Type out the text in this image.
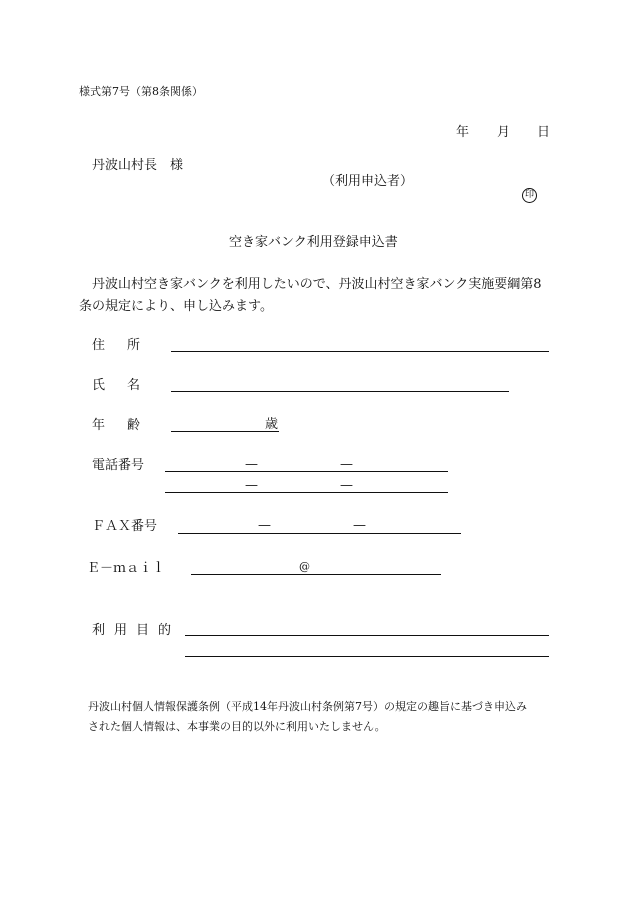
様式第7号（第8条関係）
年 月 日
丹波山村長　様
（利用申込者）
印
空き家バンク利用登録申込書
丹波山村空き家バンクを利用したいので、丹波山村空き家バンク実施要綱第8
条の規定により、申し込みます。
住所
氏名
年齢	歳
電話番号	—	—
—	—
ＦＡＸ番号	—	—
Ｅ－ｍａｉｌ	@
利用目的
丹波山村個人情報保護条例（平成14年丹波山村条例第7号）の規定の趣旨に基づき申込み
された個人情報は、本事業の目的以外に利用いたしません。
